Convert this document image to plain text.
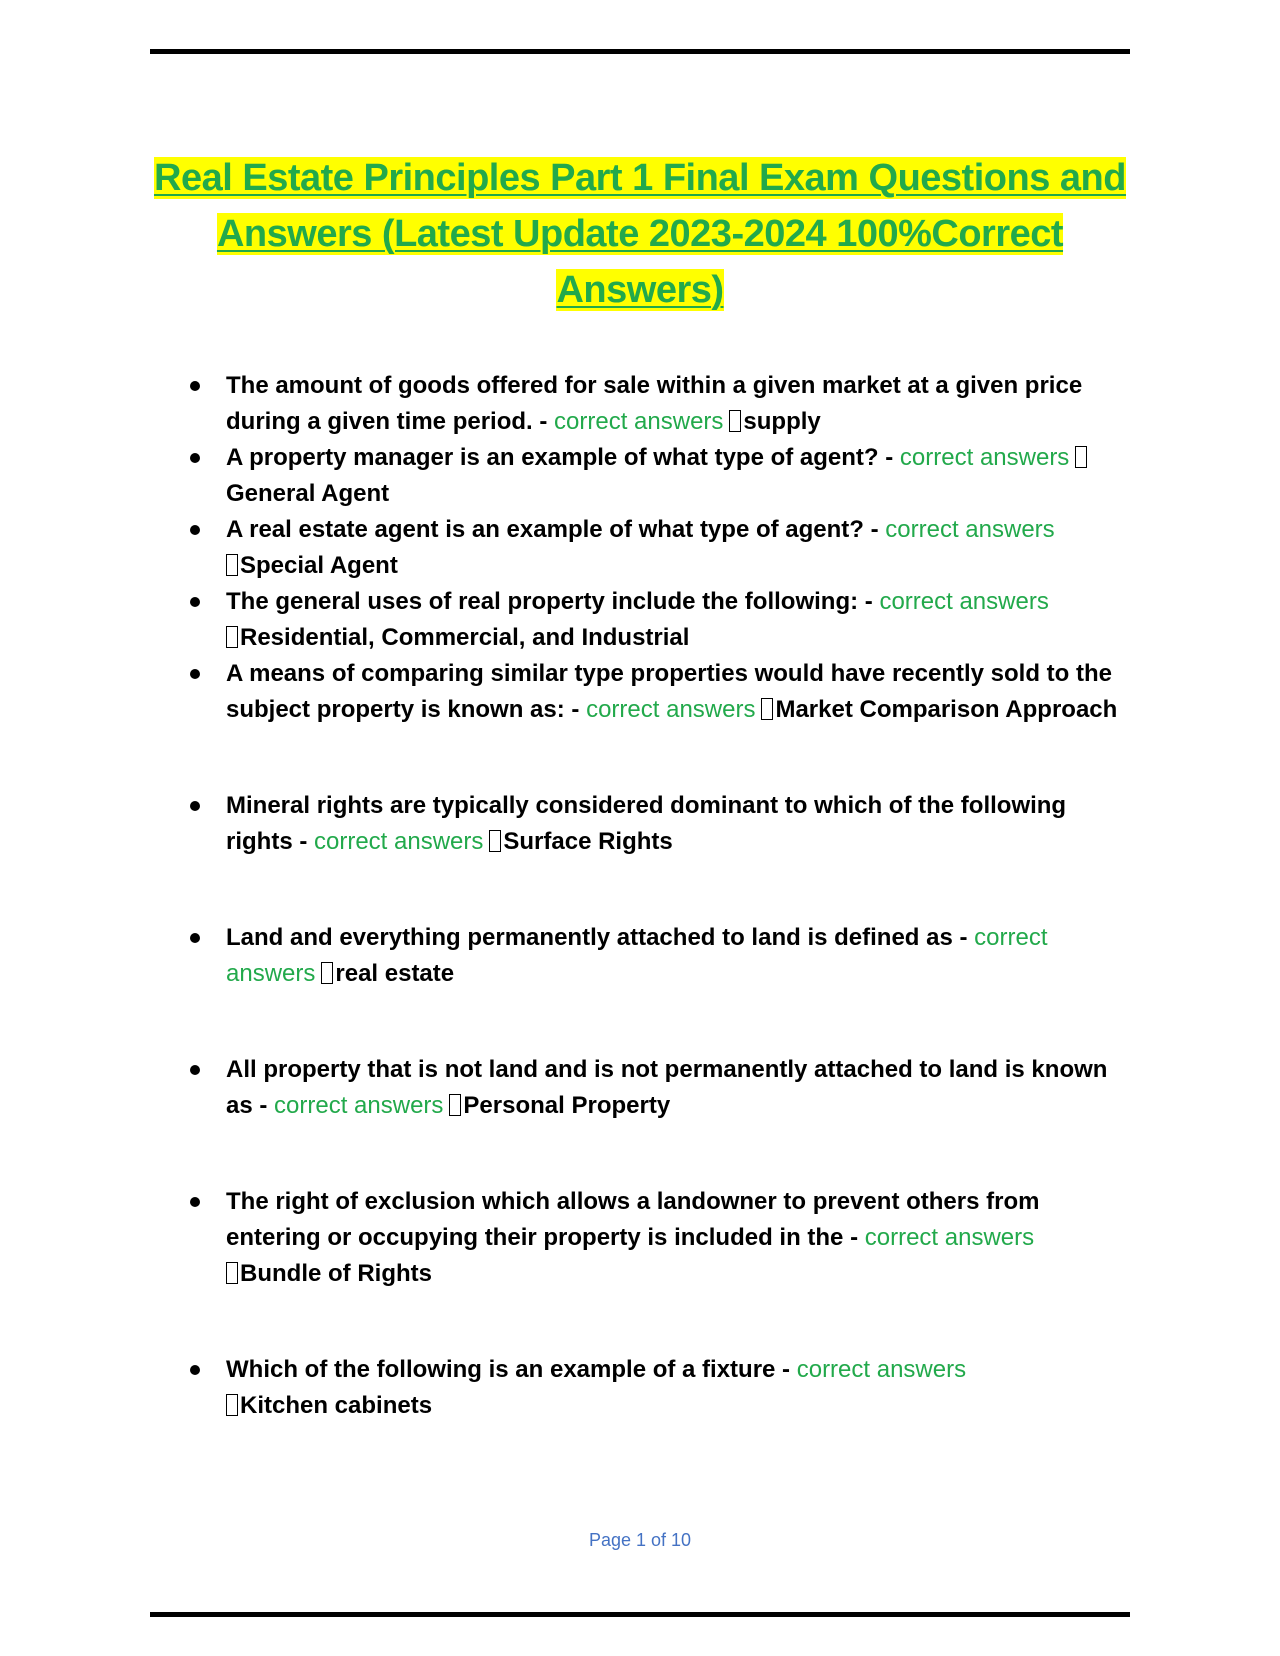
Real Estate Principles Part 1 Final Exam Questions and Answers (Latest Update 2023-2024 100%Correct Answers)
The amount of goods offered for sale within a given market at a given price during a given time period. - correct answers supply
A property manager is an example of what type of agent? - correct answersGeneral Agent
A real estate agent is an example of what type of agent? - correct answers
Special Agent
The general uses of real property include the following: - correct answers
Residential, Commercial, and Industrial
A means of comparing similar type properties would have recently sold to the subject property is known as: - correct answers Market Comparison Approach
Mineral rights are typically considered dominant to which of the following rights - correct answers Surface Rights
Land and everything permanently attached to land is defined as - correct answers real estate
All property that is not land and is not permanently attached to land is known as - correct answers Personal Property
The right of exclusion which allows a landowner to prevent others from entering or occupying their property is included in the - correct answers
Bundle of Rights
Which of the following is an example of a fixture - correct answers
Kitchen cabinets
Page 1 of 10
